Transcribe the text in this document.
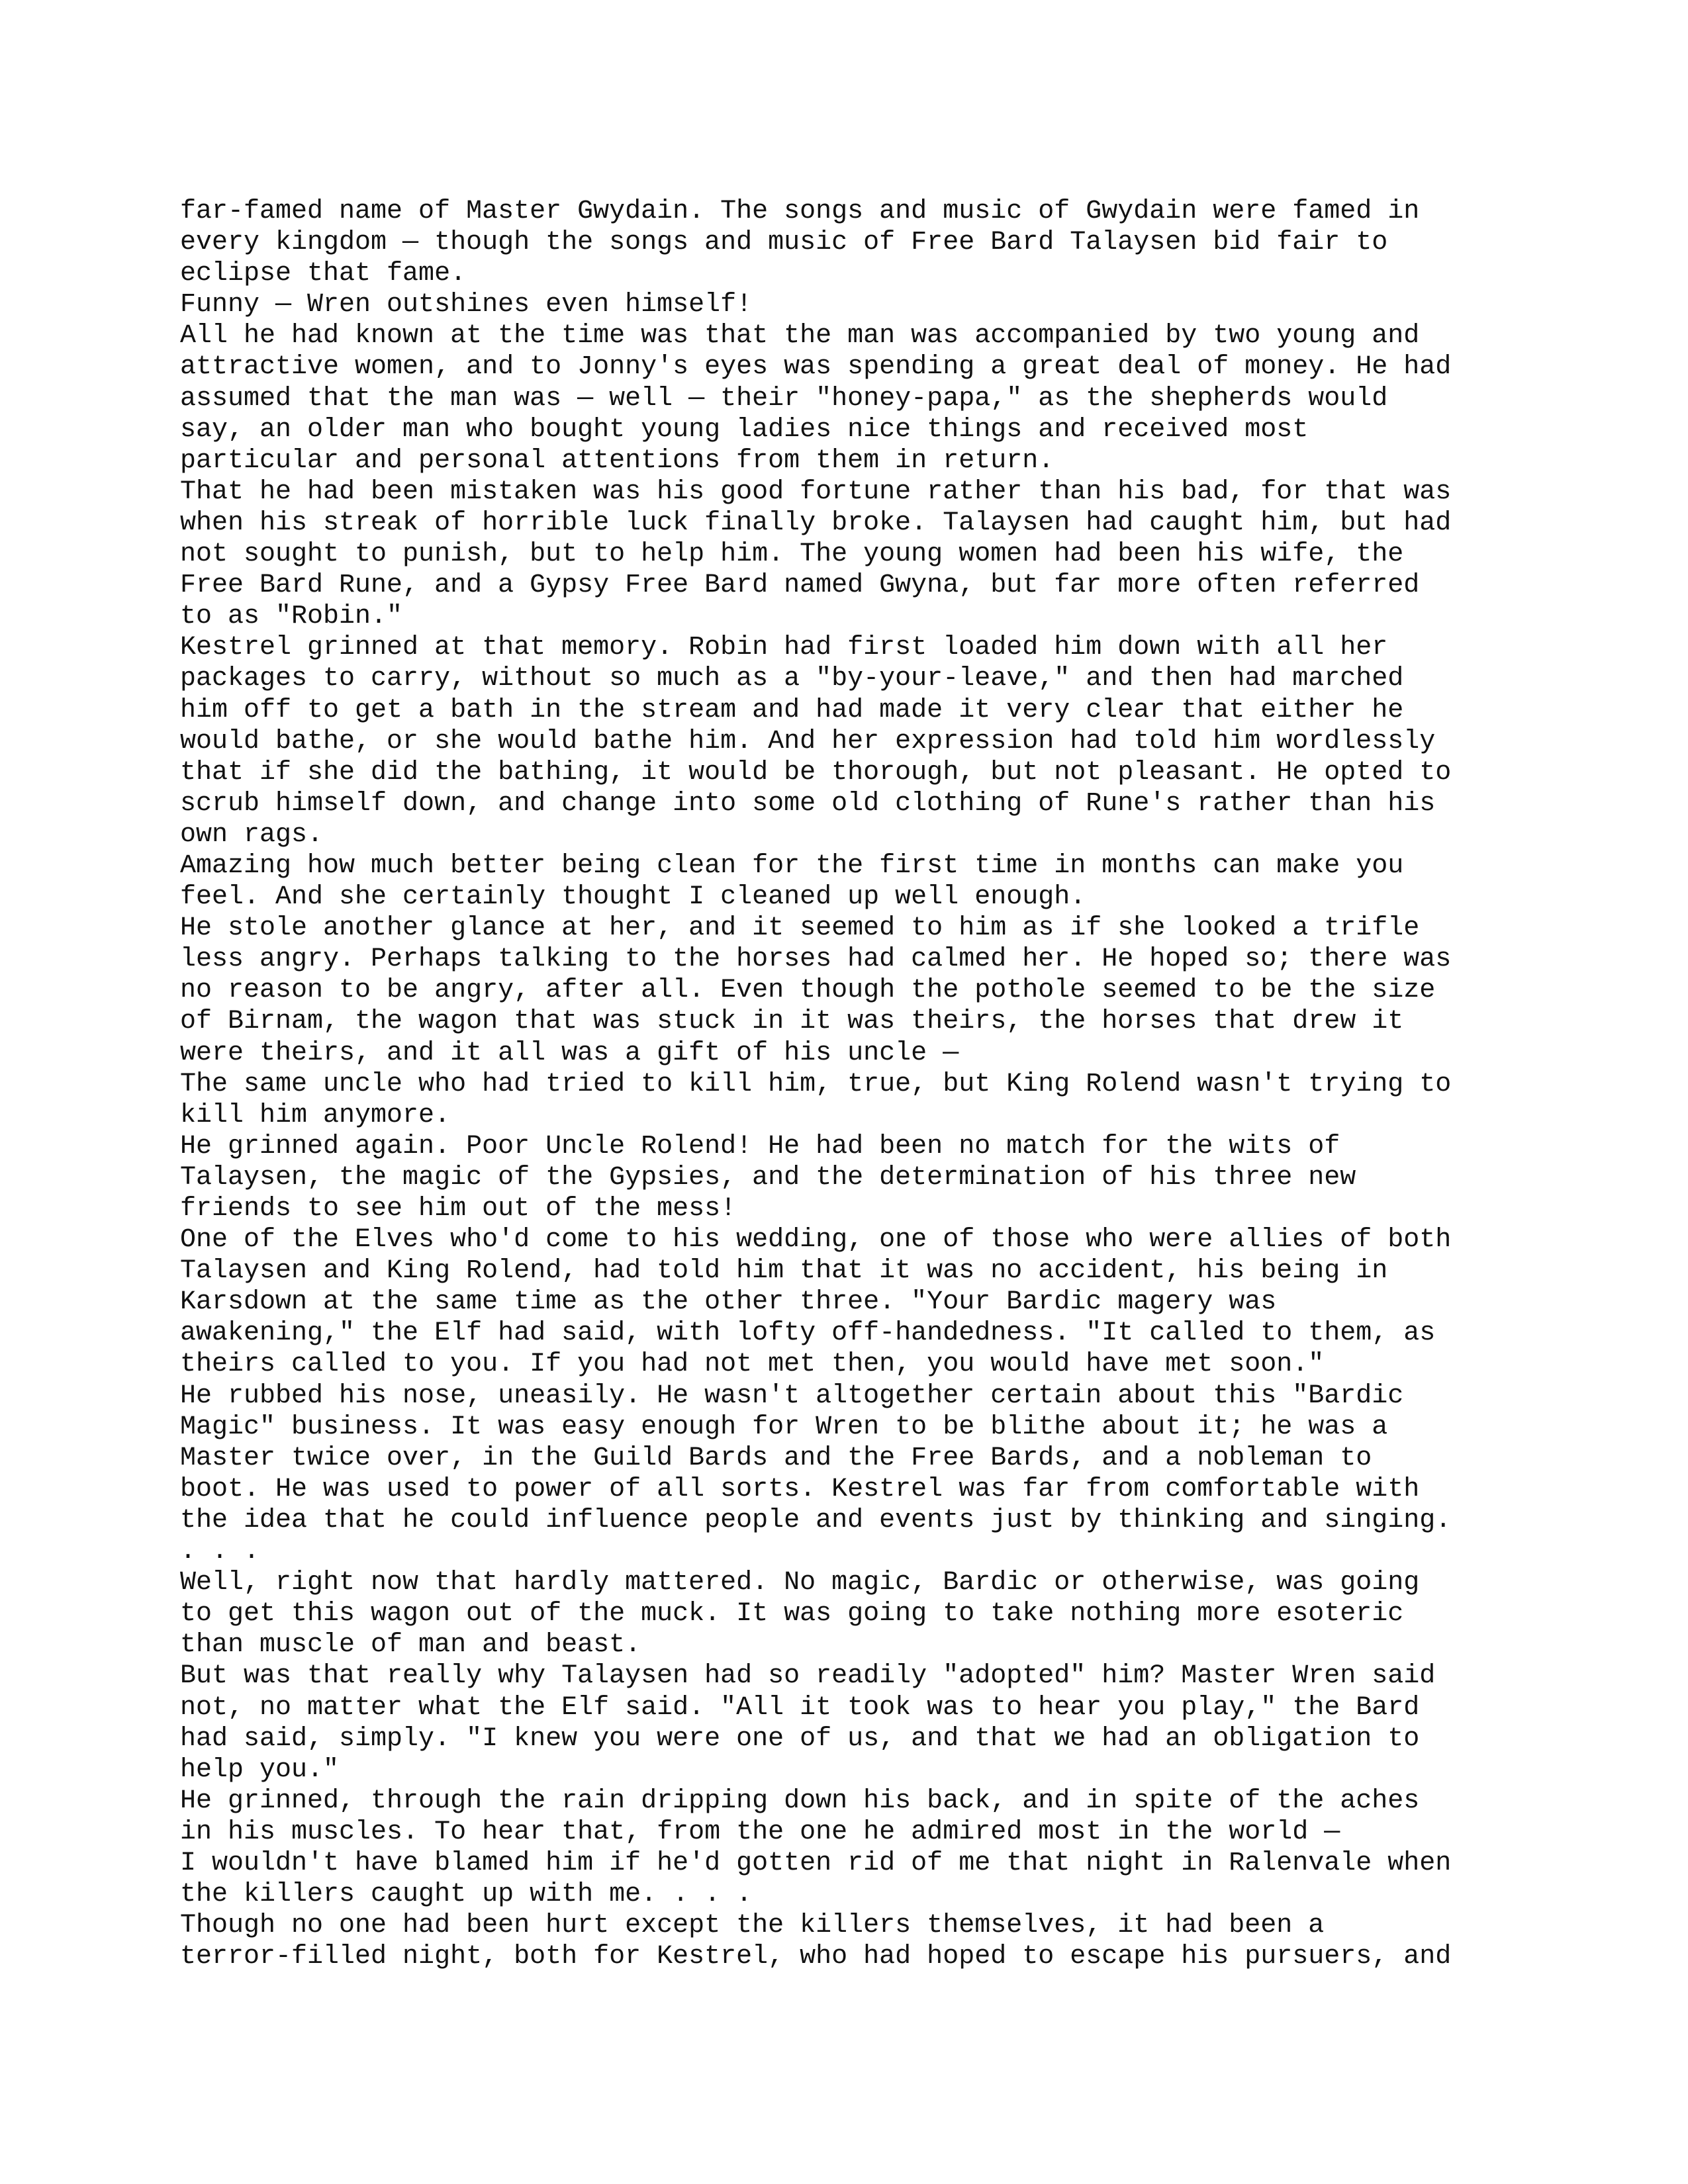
far-famed name of Master Gwydain. The songs and music of Gwydain were famed in
every kingdom — though the songs and music of Free Bard Talaysen bid fair to
eclipse that fame.
Funny — Wren outshines even himself!
All he had known at the time was that the man was accompanied by two young and
attractive women, and to Jonny's eyes was spending a great deal of money. He had
assumed that the man was — well — their "honey-papa," as the shepherds would
say, an older man who bought young ladies nice things and received most
particular and personal attentions from them in return.
That he had been mistaken was his good fortune rather than his bad, for that was
when his streak of horrible luck finally broke. Talaysen had caught him, but had
not sought to punish, but to help him. The young women had been his wife, the
Free Bard Rune, and a Gypsy Free Bard named Gwyna, but far more often referred
to as "Robin."
Kestrel grinned at that memory. Robin had first loaded him down with all her
packages to carry, without so much as a "by-your-leave," and then had marched
him off to get a bath in the stream and had made it very clear that either he
would bathe, or she would bathe him. And her expression had told him wordlessly
that if she did the bathing, it would be thorough, but not pleasant. He opted to
scrub himself down, and change into some old clothing of Rune's rather than his
own rags.
Amazing how much better being clean for the first time in months can make you
feel. And she certainly thought I cleaned up well enough.
He stole another glance at her, and it seemed to him as if she looked a trifle
less angry. Perhaps talking to the horses had calmed her. He hoped so; there was
no reason to be angry, after all. Even though the pothole seemed to be the size
of Birnam, the wagon that was stuck in it was theirs, the horses that drew it
were theirs, and it all was a gift of his uncle —
The same uncle who had tried to kill him, true, but King Rolend wasn't trying to
kill him anymore.
He grinned again. Poor Uncle Rolend! He had been no match for the wits of
Talaysen, the magic of the Gypsies, and the determination of his three new
friends to see him out of the mess!
One of the Elves who'd come to his wedding, one of those who were allies of both
Talaysen and King Rolend, had told him that it was no accident, his being in
Karsdown at the same time as the other three. "Your Bardic magery was
awakening," the Elf had said, with lofty off-handedness. "It called to them, as
theirs called to you. If you had not met then, you would have met soon."
He rubbed his nose, uneasily. He wasn't altogether certain about this "Bardic
Magic" business. It was easy enough for Wren to be blithe about it; he was a
Master twice over, in the Guild Bards and the Free Bards, and a nobleman to
boot. He was used to power of all sorts. Kestrel was far from comfortable with
the idea that he could influence people and events just by thinking and singing.
. . .
Well, right now that hardly mattered. No magic, Bardic or otherwise, was going
to get this wagon out of the muck. It was going to take nothing more esoteric
than muscle of man and beast.
But was that really why Talaysen had so readily "adopted" him? Master Wren said
not, no matter what the Elf said. "All it took was to hear you play," the Bard
had said, simply. "I knew you were one of us, and that we had an obligation to
help you."
He grinned, through the rain dripping down his back, and in spite of the aches
in his muscles. To hear that, from the one he admired most in the world —
I wouldn't have blamed him if he'd gotten rid of me that night in Ralenvale when
the killers caught up with me. . . .
Though no one had been hurt except the killers themselves, it had been a
terror-filled night, both for Kestrel, who had hoped to escape his pursuers, and
